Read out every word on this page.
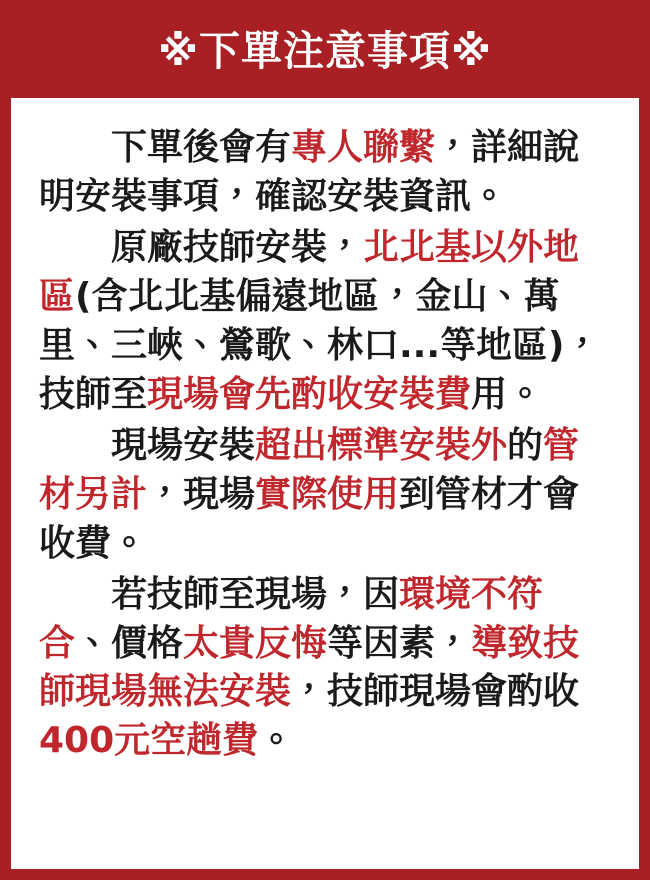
※下單注意事項※

下單後會有專人聯繫，詳細說明安裝事項，確認安裝資訊。

原廠技師安裝，北北基以外地區(含北北基偏遠地區，金山、萬里、三峽、鶯歌、林口...等地區)，技師至現場會先酌收安裝費用。

現場安裝超出標準安裝外的管材另計，現場實際使用到管材才會收費。

若技師至現場，因環境不符合、價格太貴反悔等因素，導致技師現場無法安裝，技師現場會酌收400元空趟費。
